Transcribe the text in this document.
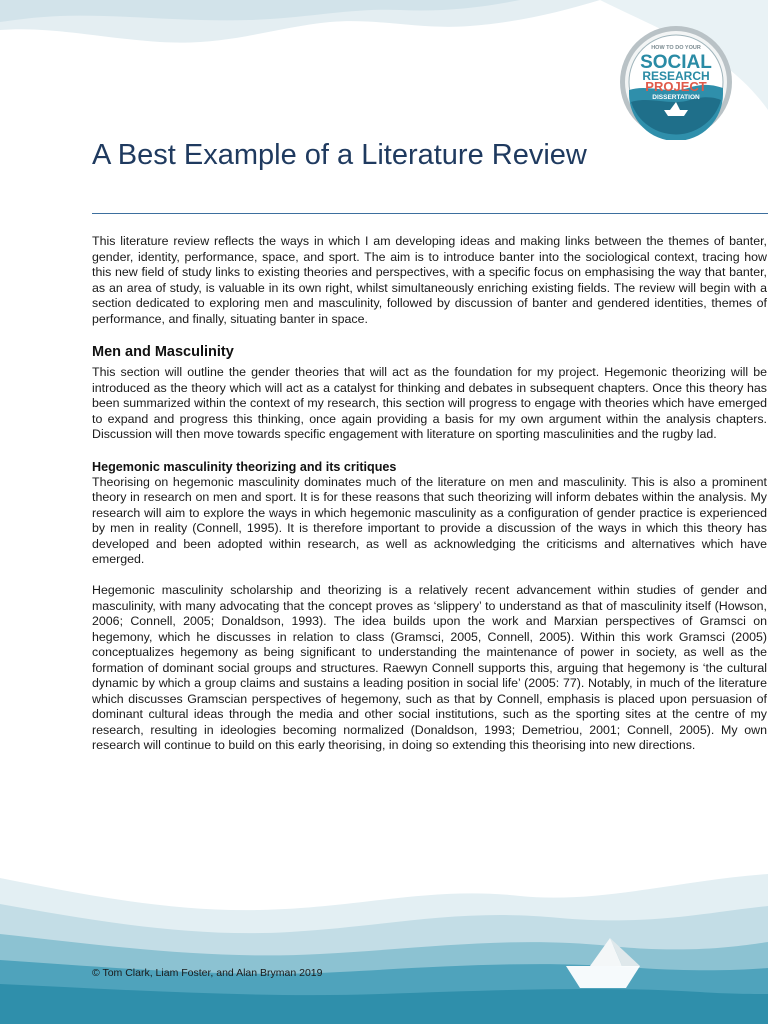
HOW TO DO YOUR
SOCIAL
RESEARCH
PROJECT
DISSERTATION
A Best Example of a Literature Review

This literature review reflects the ways in which I am developing ideas and making links between the themes of banter, gender, identity, performance, space, and sport. The aim is to introduce banter into the sociological context, tracing how this new field of study links to existing theories and perspectives, with a specific focus on emphasising the way that banter, as an area of study, is valuable in its own right, whilst simultaneously enriching existing fields. The review will begin with a section dedicated to exploring men and masculinity, followed by discussion of banter and gendered identities, themes of performance, and finally, situating banter in space.

Men and Masculinity

This section will outline the gender theories that will act as the foundation for my project. Hegemonic theorizing will be introduced as the theory which will act as a catalyst for thinking and debates in subsequent chapters. Once this theory has been summarized within the context of my research, this section will progress to engage with theories which have emerged to expand and progress this thinking, once again providing a basis for my own argument within the analysis chapters. Discussion will then move towards specific engagement with literature on sporting masculinities and the rugby lad.

Hegemonic masculinity theorizing and its critiques

Theorising on hegemonic masculinity dominates much of the literature on men and masculinity. This is also a prominent theory in research on men and sport. It is for these reasons that such theorizing will inform debates within the analysis. My research will aim to explore the ways in which hegemonic masculinity as a configuration of gender practice is experienced by men in reality (Connell, 1995). It is therefore important to provide a discussion of the ways in which this theory has developed and been adopted within research, as well as acknowledging the criticisms and alternatives which have emerged.

Hegemonic masculinity scholarship and theorizing is a relatively recent advancement within studies of gender and masculinity, with many advocating that the concept proves as ‘slippery’ to understand as that of masculinity itself (Howson, 2006; Connell, 2005; Donaldson, 1993). The idea builds upon the work and Marxian perspectives of Gramsci on hegemony, which he discusses in relation to class (Gramsci, 2005, Connell, 2005). Within this work Gramsci (2005) conceptualizes hegemony as being significant to understanding the maintenance of power in society, as well as the formation of dominant social groups and structures. Raewyn Connell supports this, arguing that hegemony is ‘the cultural dynamic by which a group claims and sustains a leading position in social life’ (2005: 77). Notably, in much of the literature which discusses Gramscian perspectives of hegemony, such as that by Connell, emphasis is placed upon persuasion of dominant cultural ideas through the media and other social institutions, such as the sporting sites at the centre of my research, resulting in ideologies becoming normalized (Donaldson, 1993; Demetriou, 2001; Connell, 2005). My own research will continue to build on this early theorising, in doing so extending this theorising into new directions.

© Tom Clark, Liam Foster, and Alan Bryman 2019
